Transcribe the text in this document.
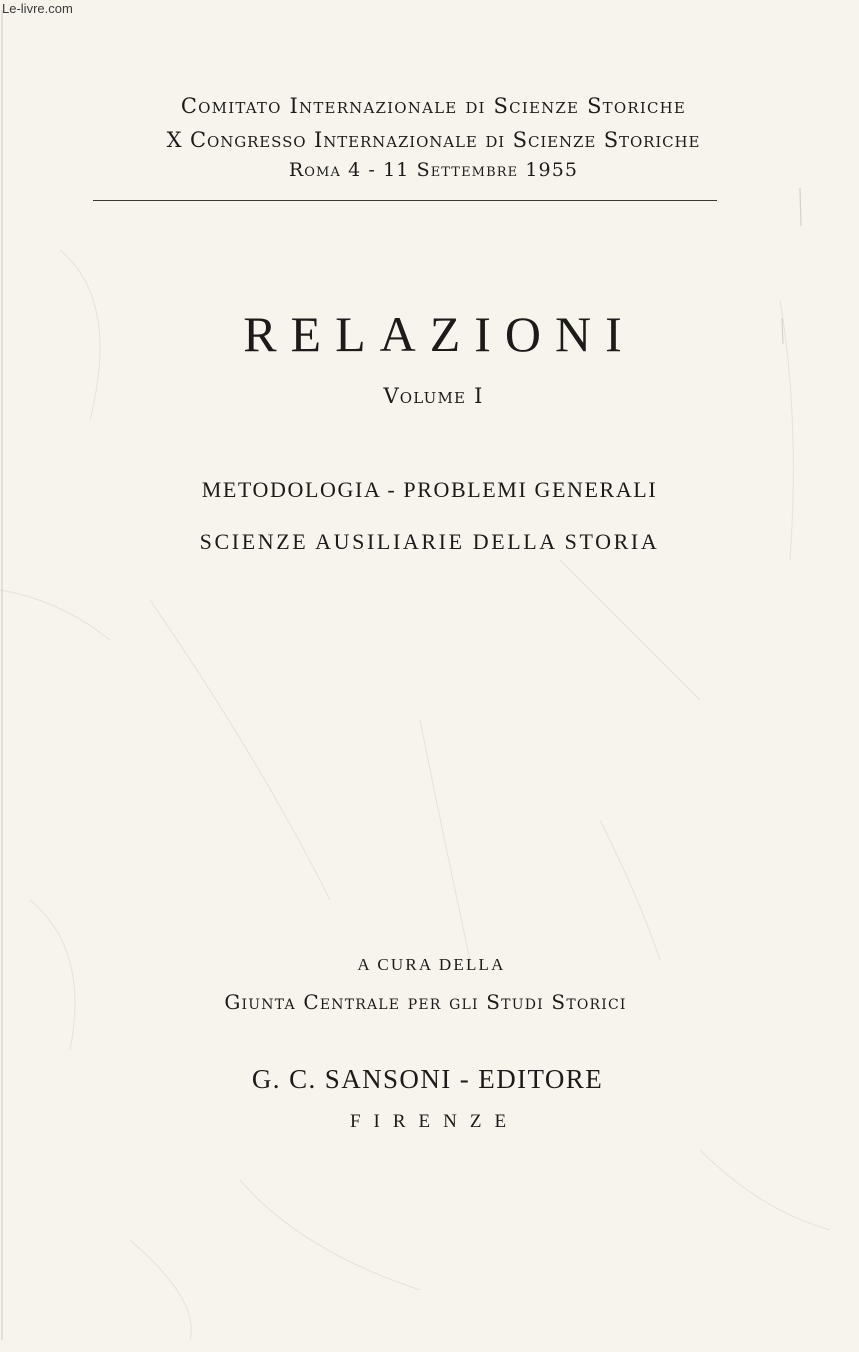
Le-livre.com
Comitato Internazionale di Scienze Storiche
X Congresso Internazionale di Scienze Storiche
Roma 4 - 11 Settembre 1955
RELAZIONI
Volume I
METODOLOGIA - PROBLEMI GENERALI
SCIENZE AUSILIARIE DELLA STORIA
A CURA DELLA
Giunta Centrale per gli Studi Storici
G. C. SANSONI - EDITORE
FIRENZE
